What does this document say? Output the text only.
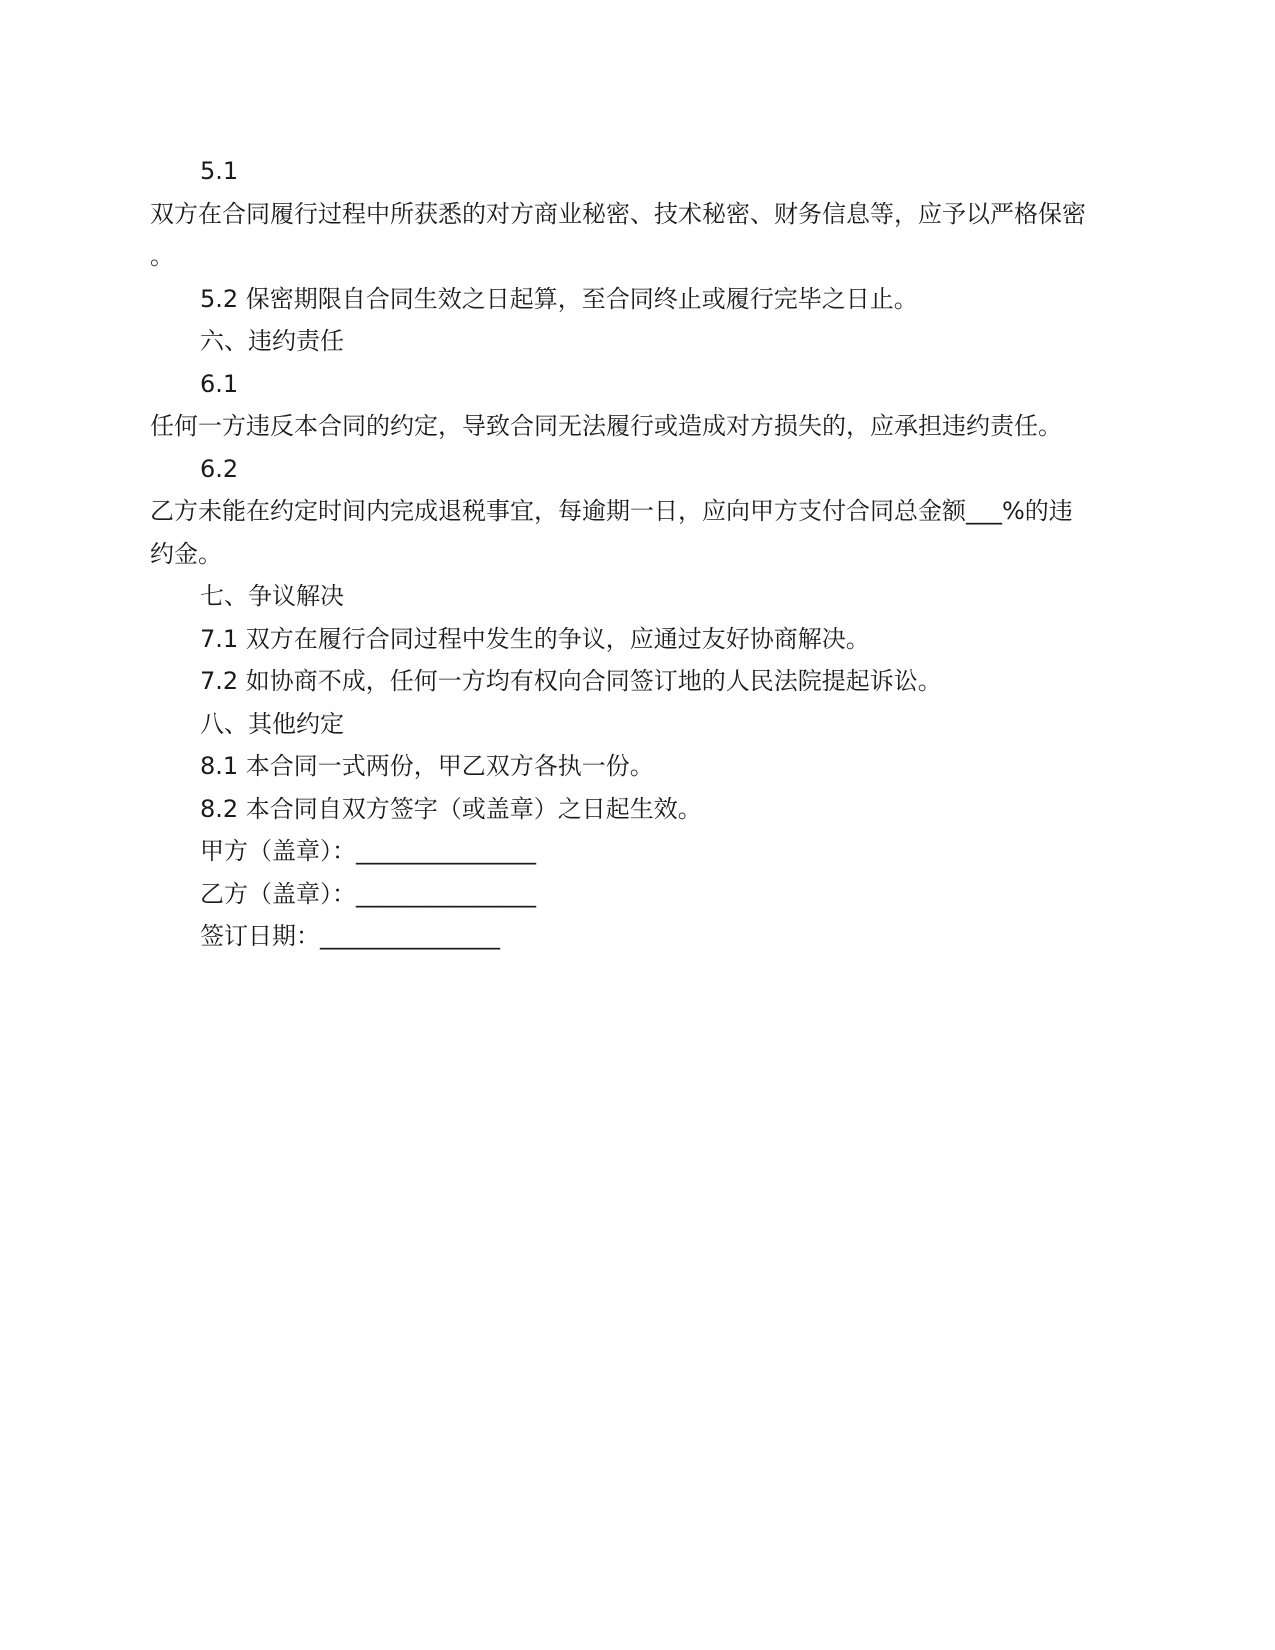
5.1

双方在合同履行过程中所获悉的对方商业秘密、技术秘密、财务信息等，应予以严格保密

。

5.2 保密期限自合同生效之日起算，至合同终止或履行完毕之日止。

六、违约责任

6.1

任何一方违反本合同的约定，导致合同无法履行或造成对方损失的，应承担违约责任。

6.2

乙方未能在约定时间内完成退税事宜，每逾期一日，应向甲方支付合同总金额___%的违

约金。

七、争议解决

7.1 双方在履行合同过程中发生的争议，应通过友好协商解决。

7.2 如协商不成，任何一方均有权向合同签订地的人民法院提起诉讼。

八、其他约定

8.1 本合同一式两份，甲乙双方各执一份。

8.2 本合同自双方签字（或盖章）之日起生效。

甲方（盖章）：_______________

乙方（盖章）：_______________

签订日期：_______________
